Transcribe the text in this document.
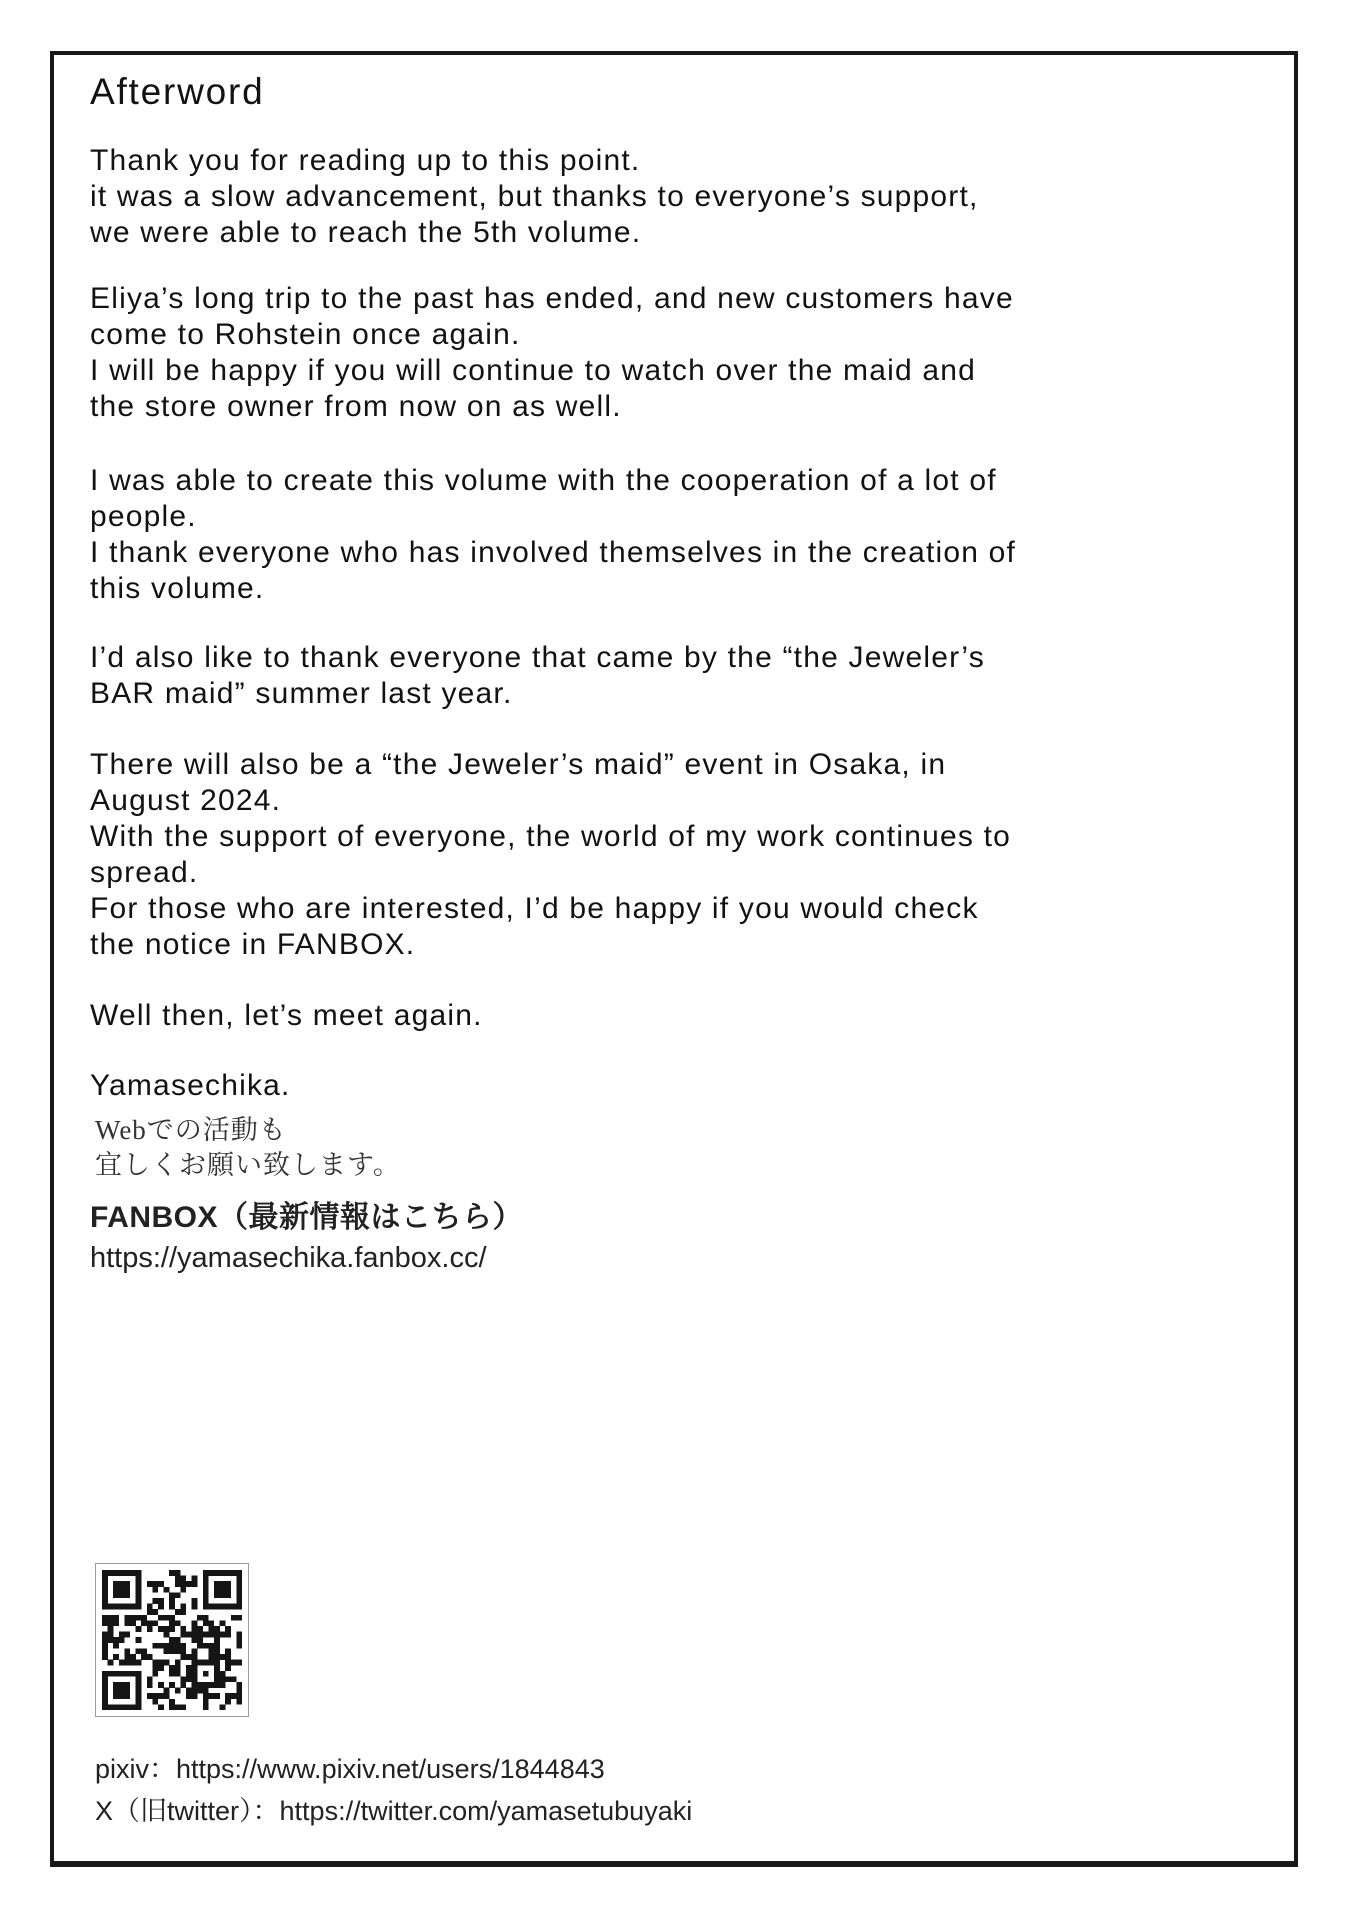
Afterword
Thank you for reading up to this point.
it was a slow advancement, but thanks to everyone’s support,
we were able to reach the 5th volume.
Eliya’s long trip to the past has ended, and new customers have
come to Rohstein once again.
I will be happy if you will continue to watch over the maid and
the store owner from now on as well.
I was able to create this volume with the cooperation of a lot of
people.
I thank everyone who has involved themselves in the creation of
this volume.
I’d also like to thank everyone that came by the “the Jeweler’s
BAR maid” summer last year.
There will also be a “the Jeweler’s maid” event in Osaka, in
August 2024.
With the support of everyone, the world of my work continues to
spread.
For those who are interested, I’d be happy if you would check
the notice in FANBOX.
Well then, let’s meet again.
Yamasechika.
Webでの活動も
宜しくお願い致します。
FANBOX（最新情報はこちら）
https://yamasechika.fanbox.cc/
pixiv：https://www.pixiv.net/users/1844843
X（旧twitter）：https://twitter.com/yamasetubuyaki
